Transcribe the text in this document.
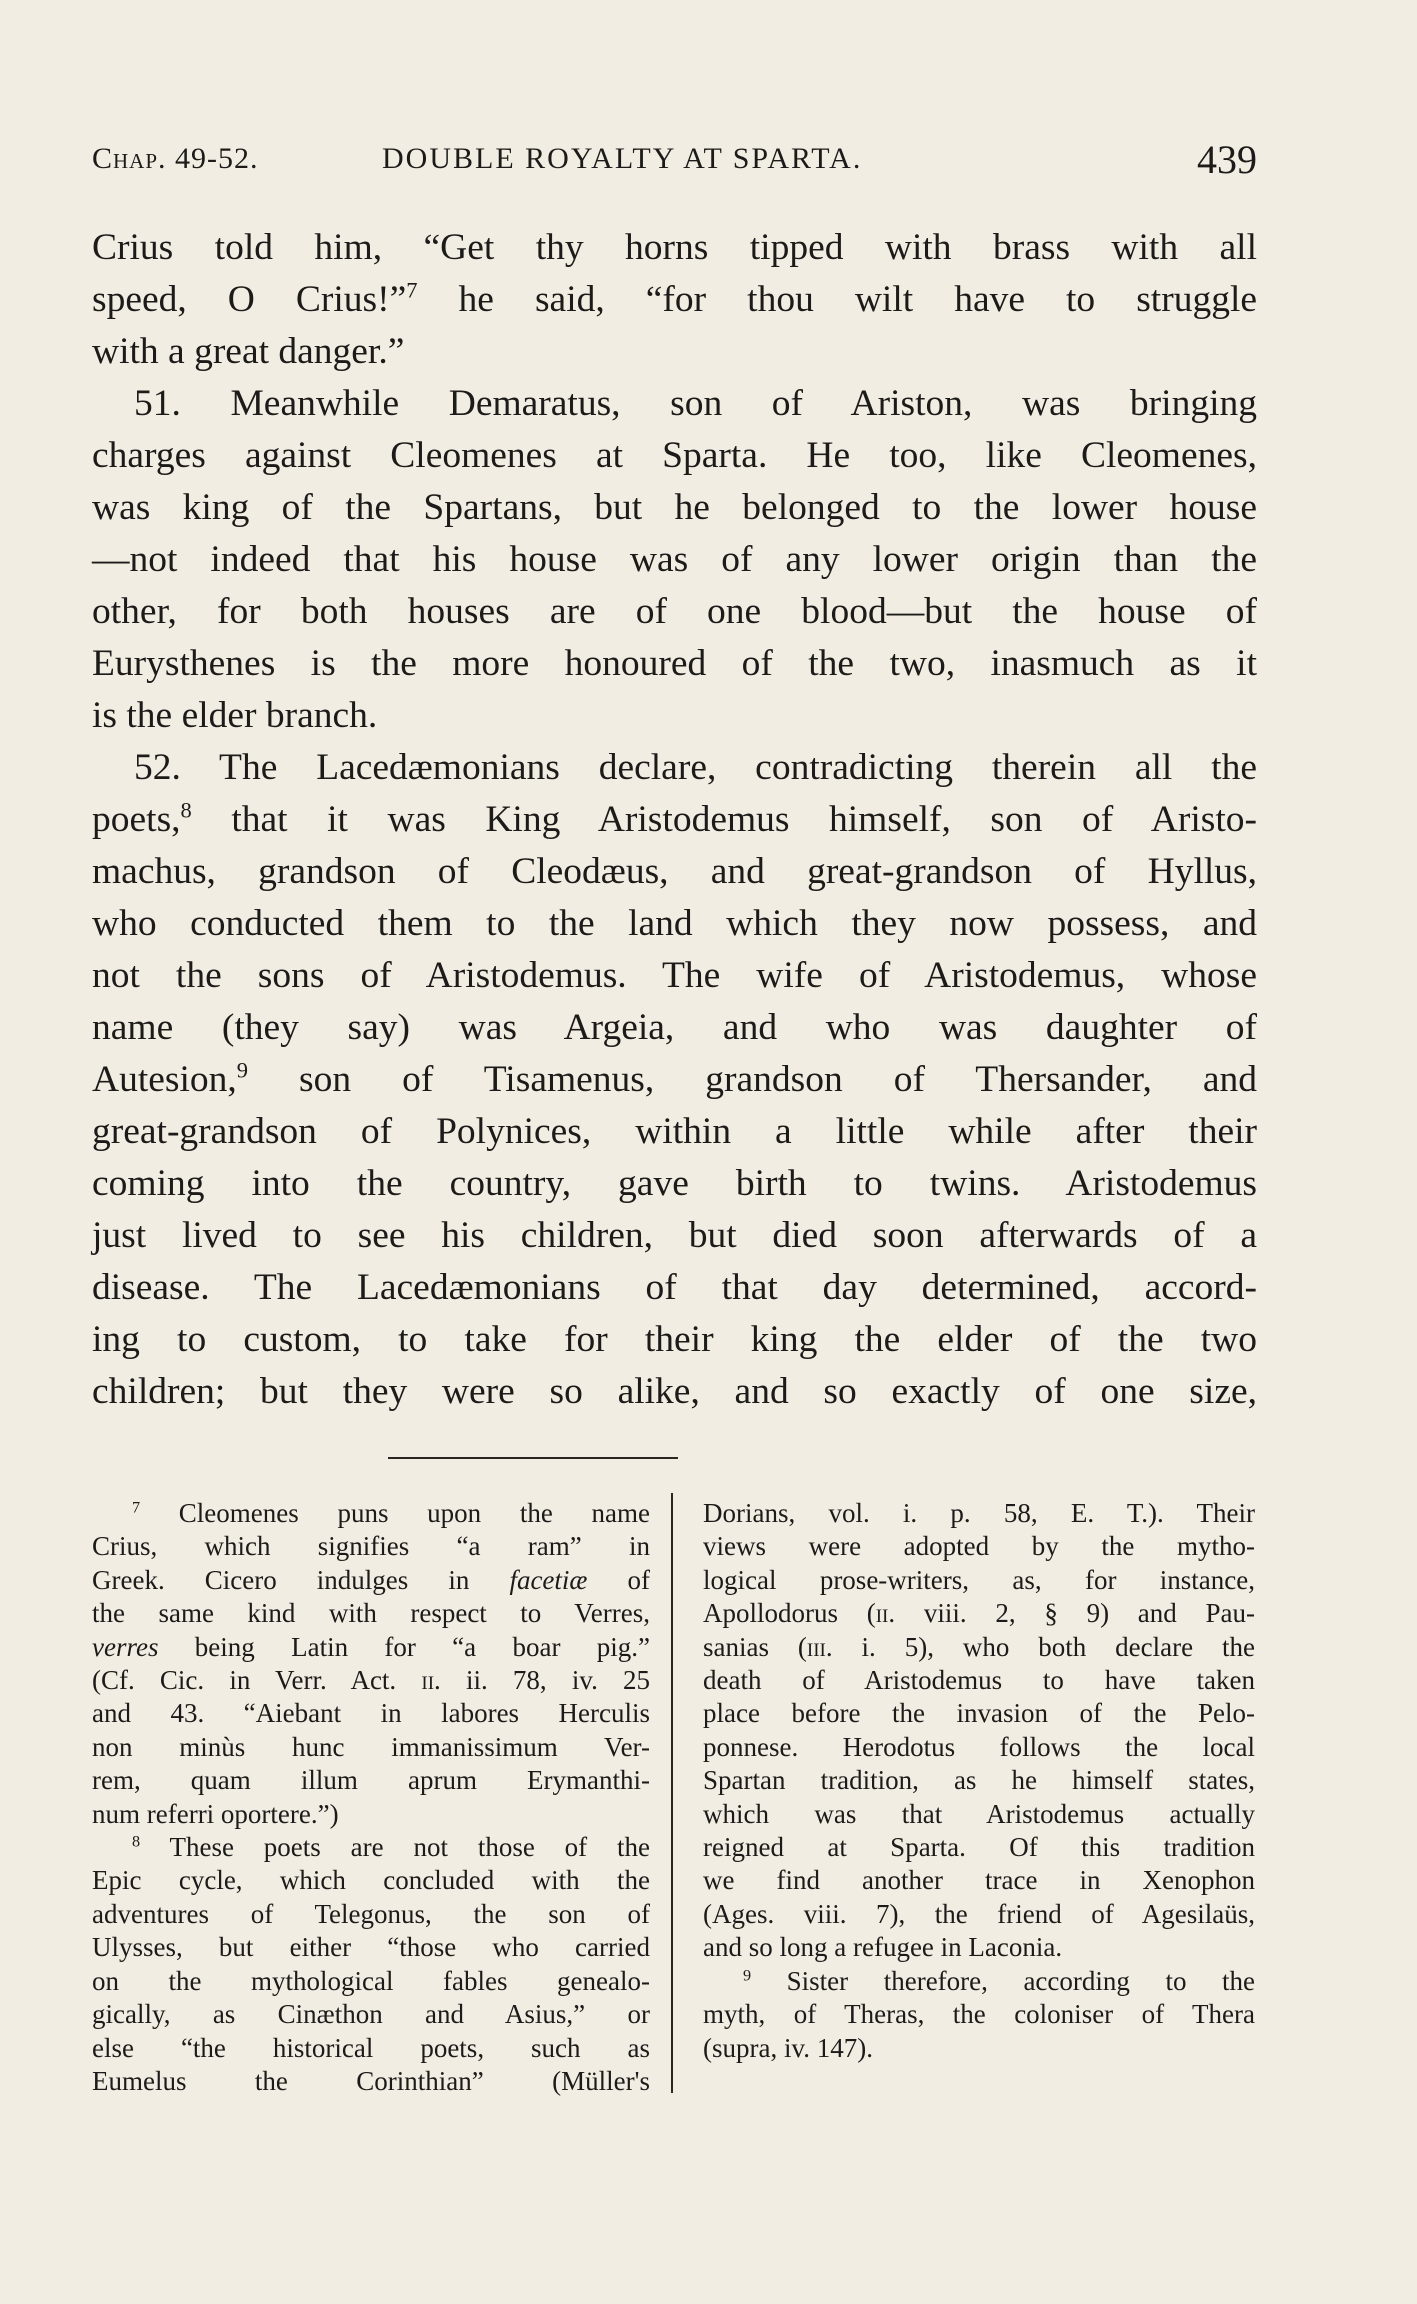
Chap. 49-52.	DOUBLE ROYALTY AT SPARTA.	439

Crius told him, “Get thy horns tipped with brass with all

speed, O Crius!”$^7$ he said, “for thou wilt have to struggle

with a great danger.”

51. Meanwhile Demaratus, son of Ariston, was bringing

charges against Cleomenes at Sparta. He too, like Cleomenes,

was king of the Spartans, but he belonged to the lower house

—not indeed that his house was of any lower origin than the

other, for both houses are of one blood—but the house of

Eurysthenes is the more honoured of the two, inasmuch as it

is the elder branch.

52. The Lacedæmonians declare, contradicting therein all the

poets,$^8$ that it was King Aristodemus himself, son of Aristo-

machus, grandson of Cleodæus, and great-grandson of Hyllus,

who conducted them to the land which they now possess, and

not the sons of Aristodemus. The wife of Aristodemus, whose

name (they say) was Argeia, and who was daughter of

Autesion,$^9$ son of Tisamenus, grandson of Thersander, and

great-grandson of Polynices, within a little while after their

coming into the country, gave birth to twins. Aristodemus

just lived to see his children, but died soon afterwards of a

disease. The Lacedæmonians of that day determined, accord-

ing to custom, to take for their king the elder of the two

children; but they were so alike, and so exactly of one size,

$^7$ Cleomenes puns upon the name

Crius, which signifies “a ram” in

Greek. Cicero indulges in facetiæ of

the same kind with respect to Verres,

verres being Latin for “a boar pig.”

(Cf. Cic. in Verr. Act. ii. ii. 78, iv. 25

and 43. “Aiebant in labores Herculis

non minùs hunc immanissimum Ver-

rem, quam illum aprum Erymanthi-

num referri oportere.”)

$^8$ These poets are not those of the

Epic cycle, which concluded with the

adventures of Telegonus, the son of

Ulysses, but either “those who carried

on the mythological fables genealo-

gically, as Cinæthon and Asius,” or

else “the historical poets, such as

Eumelus the Corinthian” (Müller's

Dorians, vol. i. p. 58, E. T.). Their

views were adopted by the mytho-

logical prose-writers, as, for instance,

Apollodorus (ii. viii. 2, § 9) and Pau-

sanias (iii. i. 5), who both declare the

death of Aristodemus to have taken

place before the invasion of the Pelo-

ponnese. Herodotus follows the local

Spartan tradition, as he himself states,

which was that Aristodemus actually

reigned at Sparta. Of this tradition

we find another trace in Xenophon

(Ages. viii. 7), the friend of Agesilaüs,

and so long a refugee in Laconia.

$^9$ Sister therefore, according to the

myth, of Theras, the coloniser of Thera

(supra, iv. 147).
